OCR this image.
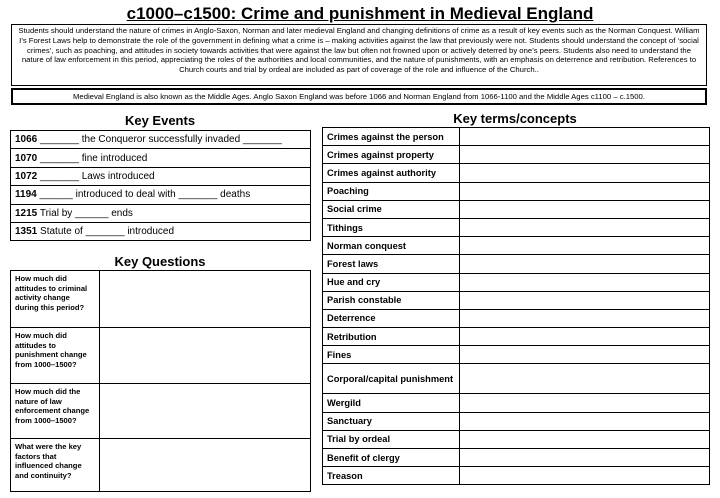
c1000–c1500: Crime and punishment in Medieval England
Students should understand the nature of crimes in Anglo-Saxon, Norman and later medieval England and changing definitions of crime as a result of key events such as the Norman Conquest. William I’s Forest Laws help to demonstrate the role of the government in defining what a crime is – making activities against the law that previously were not. Students should understand the concept of ‘social crimes’, such as poaching, and attitudes in society towards activities that were against the law but often not frowned upon or actively deterred by one’s peers. Students also need to understand the nature of law enforcement in this period, appreciating the roles of the authorities and local communities, and the nature of punishments, with an emphasis on deterrence and retribution. References to Church courts and trial by ordeal are included as part of coverage of the role and influence of the Church..
Medieval England is also known as the Middle Ages. Anglo Saxon England was before 1066 and Norman England from 1066-1100 and the Middle Ages c1100 – c.1500.
Key Events
1066 _______ the Conqueror successfully invaded _______
1070 _______ fine introduced
1072 _______ Laws introduced
1194 ______ introduced to deal with _______ deaths
1215 Trial by ______ ends
1351 Statute of _______ introduced
Key Questions
How much did attitudes to criminal activity change during this period?	
How much did attitudes to punishment change from 1000–1500?	
How much did the nature of law enforcement change from 1000–1500?	
What were the key factors that influenced change and continuity?	
Key terms/concepts
Crimes against the person	
Crimes against property	
Crimes against authority	
Poaching	
Social crime	
Tithings	
Norman conquest	
Forest laws	
Hue and cry	
Parish constable	
Deterrence	
Retribution	
Fines	
Corporal/capital punishment	
Wergild	
Sanctuary	
Trial by ordeal	
Benefit of clergy	
Treason	
